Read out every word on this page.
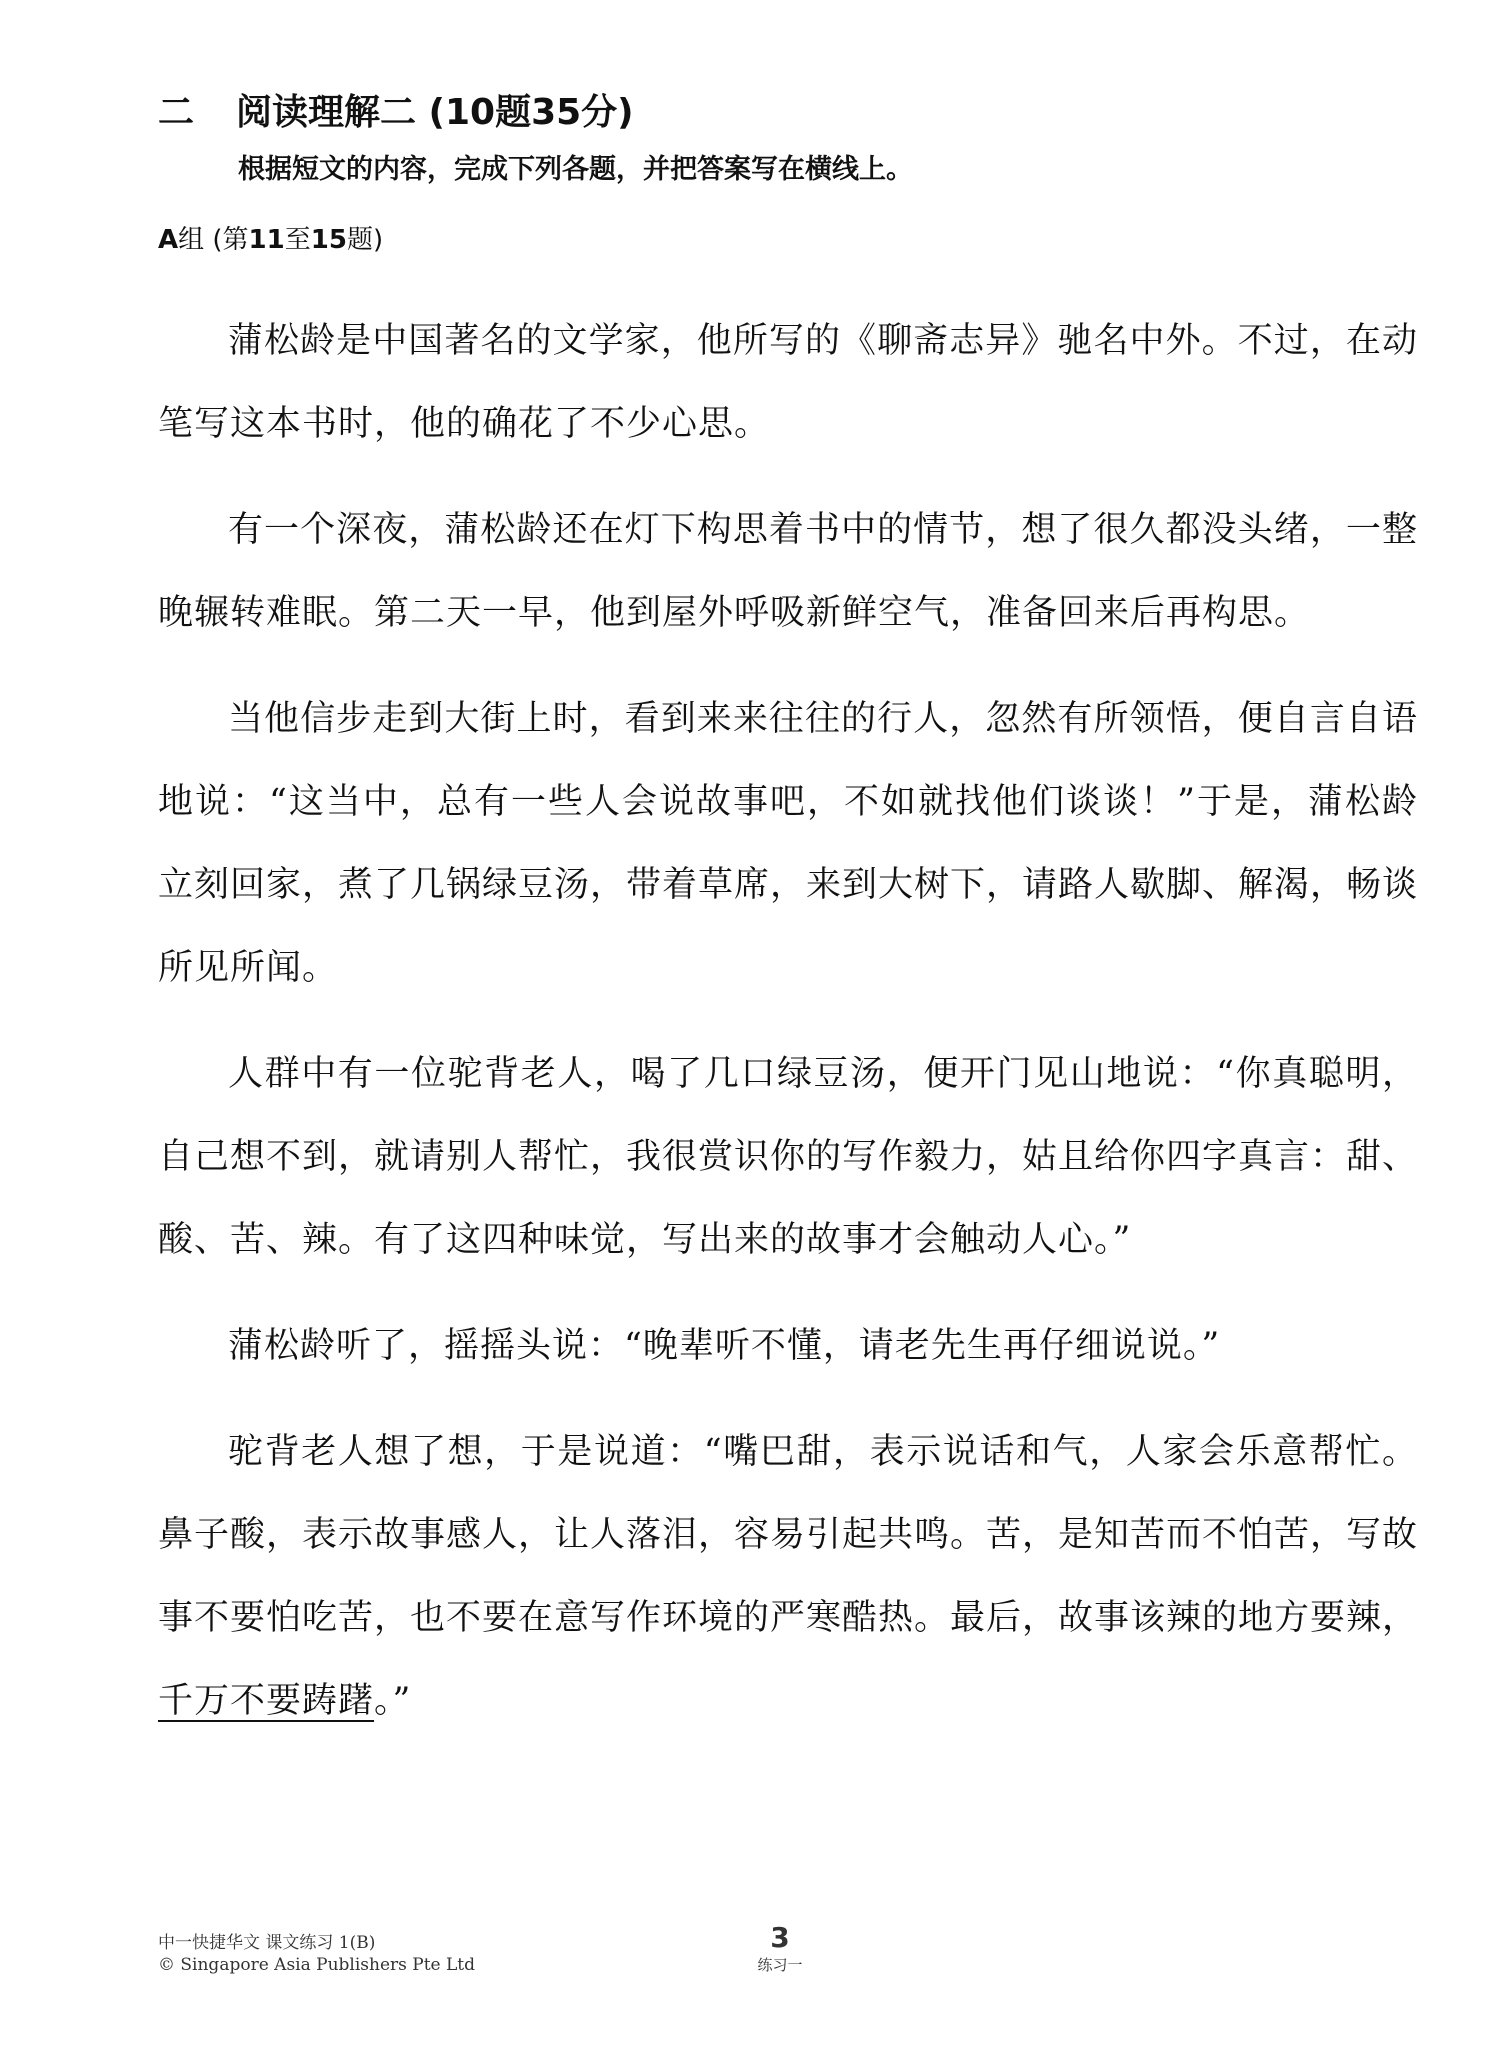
二	阅读理解二 (10题35分)
根据短文的内容，完成下列各题，并把答案写在横线上。
A组 (第11至15题)

蒲松龄是中国著名的文学家，他所写的《聊斋志异》驰名中外。不过，在动笔写这本书时，他的确花了不少心思。

有一个深夜，蒲松龄还在灯下构思着书中的情节，想了很久都没头绪，一整晚辗转难眠。第二天一早，他到屋外呼吸新鲜空气，准备回来后再构思。

当他信步走到大街上时，看到来来往往的行人，忽然有所领悟，便自言自语地说：“这当中，总有一些人会说故事吧，不如就找他们谈谈！”于是，蒲松龄立刻回家，煮了几锅绿豆汤，带着草席，来到大树下，请路人歇脚、解渴，畅谈所见所闻。

人群中有一位驼背老人，喝了几口绿豆汤，便开门见山地说：“你真聪明，自己想不到，就请别人帮忙，我很赏识你的写作毅力，姑且给你四字真言：甜、酸、苦、辣。有了这四种味觉，写出来的故事才会触动人心。”

蒲松龄听了，摇摇头说：“晚辈听不懂，请老先生再仔细说说。”

驼背老人想了想，于是说道：“嘴巴甜，表示说话和气，人家会乐意帮忙。鼻子酸，表示故事感人，让人落泪，容易引起共鸣。苦，是知苦而不怕苦，写故事不要怕吃苦，也不要在意写作环境的严寒酷热。最后，故事该辣的地方要辣，千万不要踌躇。”

中一快捷华文 课文练习 1(B)
© Singapore Asia Publishers Pte Ltd
3
练习一
